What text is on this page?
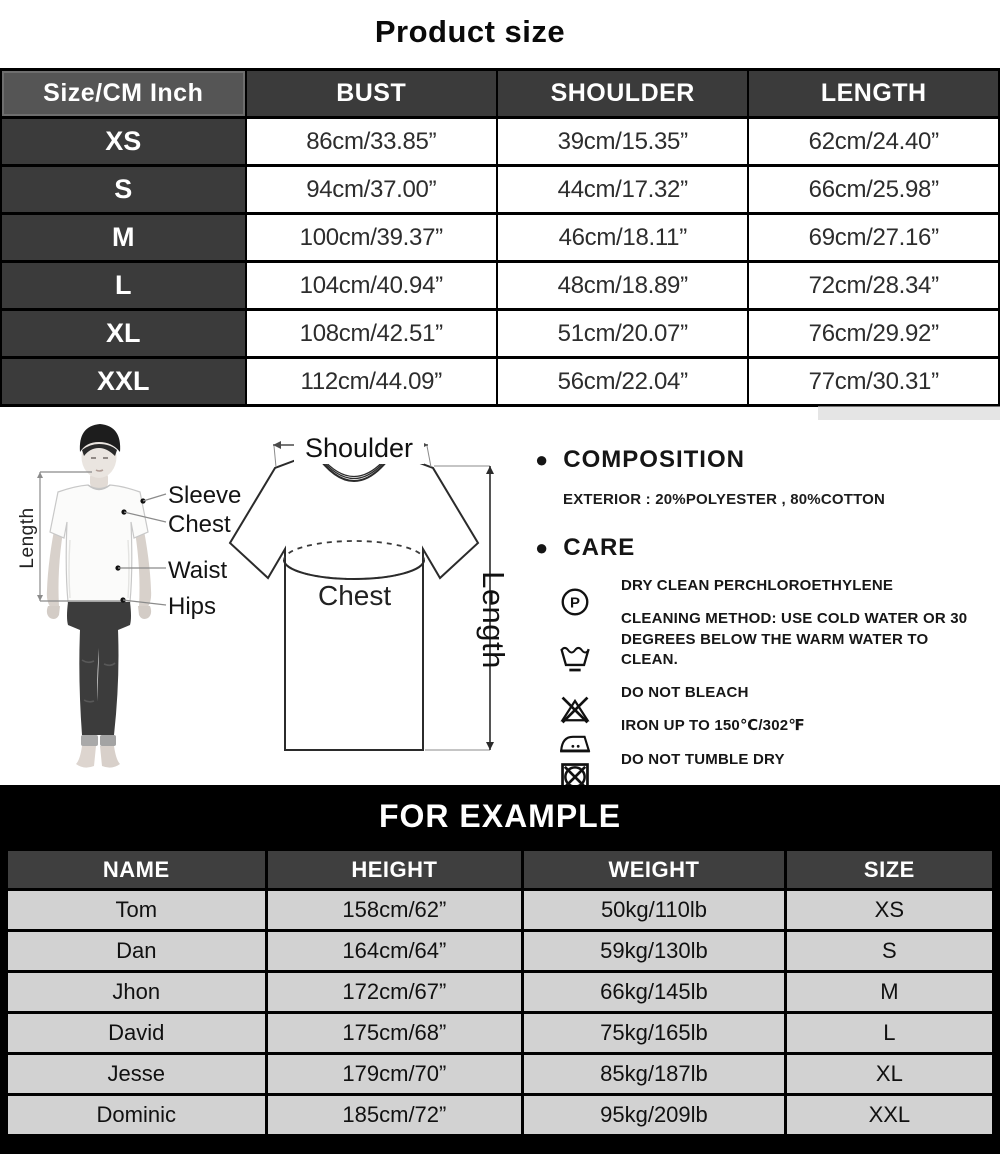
Product size
Size/CM Inch	BUST	SHOULDER	LENGTH
XS	86cm/33.85”	39cm/15.35”	62cm/24.40”
S	94cm/37.00”	44cm/17.32”	66cm/25.98”
M	100cm/39.37”	46cm/18.11”	69cm/27.16”
L	104cm/40.94”	48cm/18.89”	72cm/28.34”
XL	108cm/42.51”	51cm/20.07”	76cm/29.92”
XXL	112cm/44.09”	56cm/22.04”	77cm/30.31”
Length
Sleeve
Chest
Waist
Hips
Shoulder
Chest	Length
● COMPOSITION
EXTERIOR : 20%POLYESTER , 80%COTTON
● CARE
P
DRY CLEAN PERCHLOROETHYLENE
CLEANING METHOD: USE COLD WATER OR 30 DEGREES BELOW THE WARM WATER TO CLEAN.
DO NOT BLEACH
IRON UP TO 150℃/302℉
DO NOT TUMBLE DRY
FOR EXAMPLE
NAME	HEIGHT	WEIGHT	SIZE
Tom	158cm/62”	50kg/110lb	XS
Dan	164cm/64”	59kg/130lb	S
Jhon	172cm/67”	66kg/145lb	M
David	175cm/68”	75kg/165lb	L
Jesse	179cm/70”	85kg/187lb	XL
Dominic	185cm/72”	95kg/209lb	XXL
